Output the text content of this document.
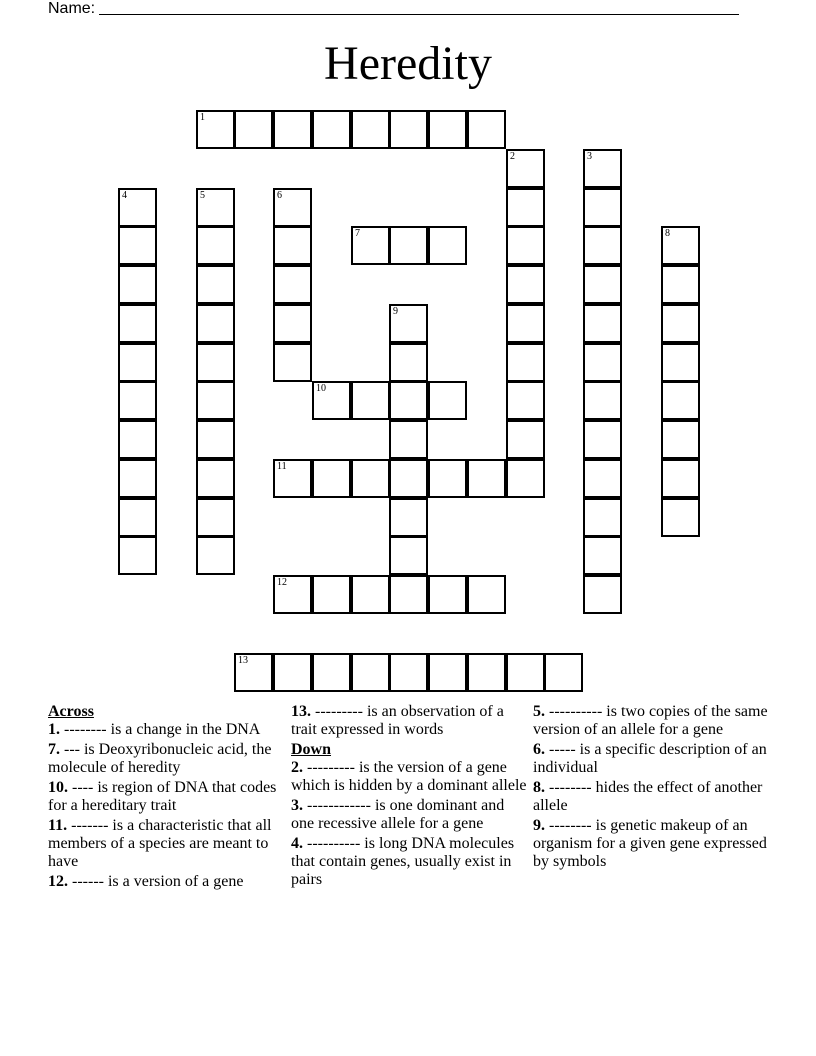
Name:
Heredity
1
2	3
4	5	6
7	8
9
10
11
12
13
Across
1. -------- is a change in the DNA
7. --- is Deoxyribonucleic acid, the molecule of heredity
10. ---- is region of DNA that codes for a hereditary trait
11. ------- is a characteristic that all members of a species are meant to have
12. ------ is a version of a gene
13. --------- is an observation of a trait expressed in words
Down
2. --------- is the version of a gene which is hidden by a dominant allele
3. ------------ is one dominant and one recessive allele for a gene
4. ---------- is long DNA molecules that contain genes, usually exist in pairs
5. ---------- is two copies of the same version of an allele for a gene
6. ----- is a specific description of an individual
8. -------- hides the effect of another allele
9. -------- is genetic makeup of an organism for a given gene expressed by symbols
